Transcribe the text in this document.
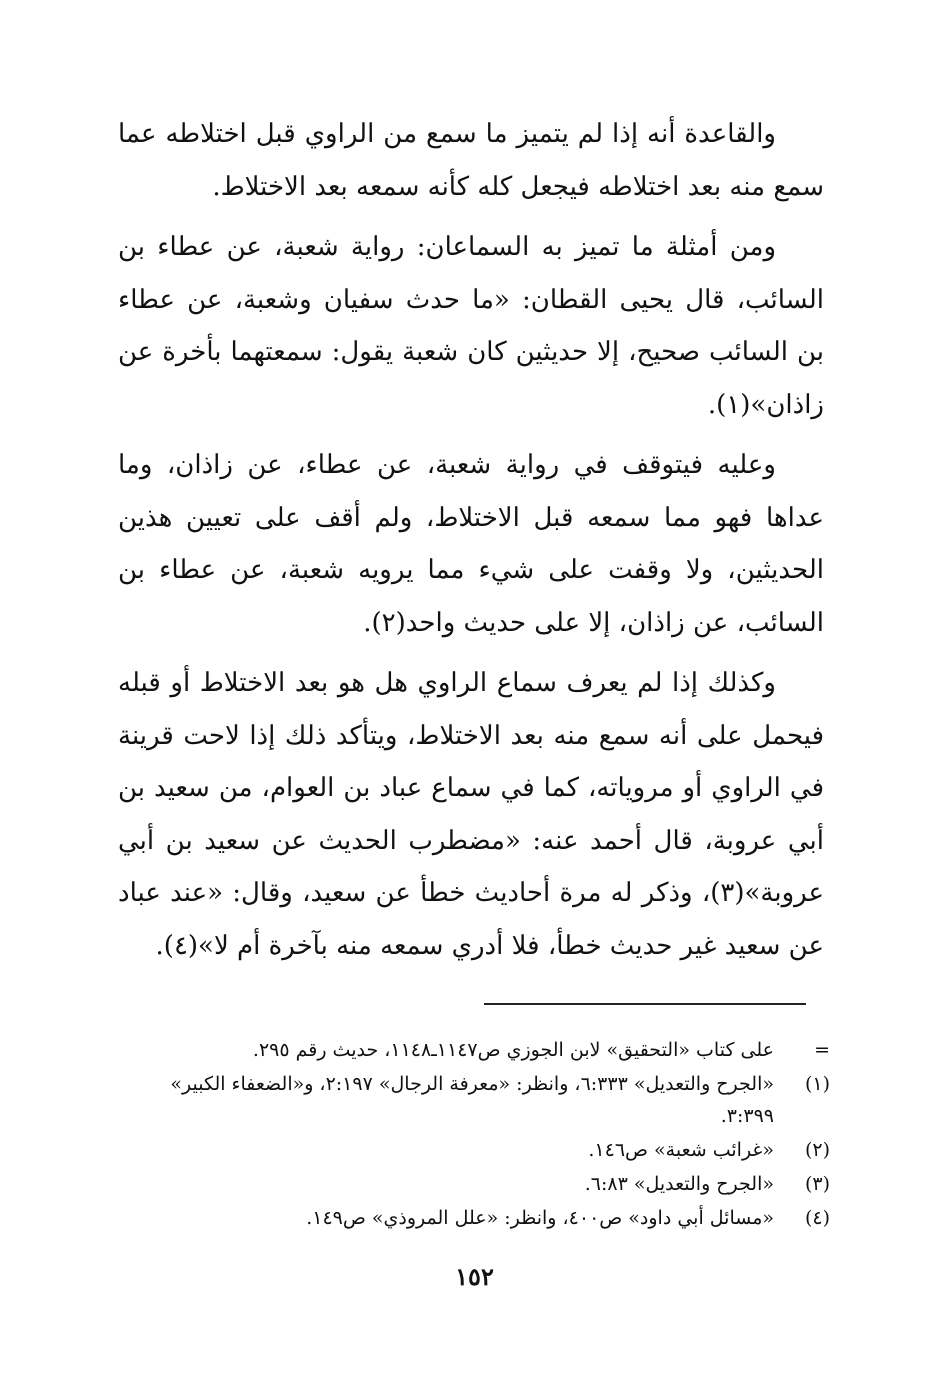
والقاعدة أنه إذا لم يتميز ما سمع من الراوي قبل اختلاطه عما سمع منه بعد اختلاطه فيجعل كله كأنه سمعه بعد الاختلاط.

ومن أمثلة ما تميز به السماعان: رواية شعبة، عن عطاء بن السائب، قال يحيى القطان: «ما حدث سفيان وشعبة، عن عطاء بن السائب صحيح، إلا حديثين كان شعبة يقول: سمعتهما بأخرة عن زاذان»(١).

وعليه فيتوقف في رواية شعبة، عن عطاء، عن زاذان، وما عداها فهو مما سمعه قبل الاختلاط، ولم أقف على تعيين هذين الحديثين، ولا وقفت على شيء مما يرويه شعبة، عن عطاء بن السائب، عن زاذان، إلا على حديث واحد(٢).

وكذلك إذا لم يعرف سماع الراوي هل هو بعد الاختلاط أو قبله فيحمل على أنه سمع منه بعد الاختلاط، ويتأكد ذلك إذا لاحت قرينة في الراوي أو مروياته، كما في سماع عباد بن العوام، من سعيد بن أبي عروبة، قال أحمد عنه: «مضطرب الحديث عن سعيد بن أبي عروبة»(٣)، وذكر له مرة أحاديث خطأ عن سعيد، وقال: «عند عباد عن سعيد غير حديث خطأ، فلا أدري سمعه منه بآخرة أم لا»(٤).

=
على كتاب «التحقيق» لابن الجوزي ص١١٤٧ـ١١٤٨، حديث رقم ٢٩٥.
(١)
«الجرح والتعديل» ٦:٣٣٣، وانظر: «معرفة الرجال» ٢:١٩٧، و«الضعفاء الكبير» ٣:٣٩٩.
(٢)
«غرائب شعبة» ص١٤٦.
(٣)
«الجرح والتعديل» ٦:٨٣.
(٤)
«مسائل أبي داود» ص٤٠٠، وانظر: «علل المروذي» ص١٤٩.
١٥٢
